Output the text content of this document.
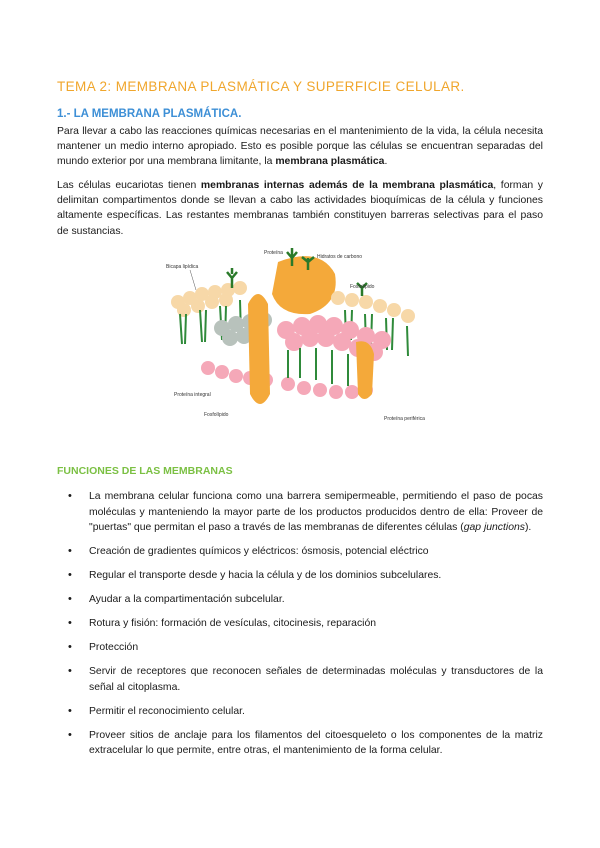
TEMA 2: MEMBRANA PLASMÁTICA Y SUPERFICIE CELULAR.
1.- LA MEMBRANA PLASMÁTICA.

Para llevar a cabo las reacciones químicas necesarias en el mantenimiento de la vida, la célula necesita mantener un medio interno apropiado. Esto es posible porque las células se encuentran separadas del mundo exterior por una membrana limitante, la membrana plasmática.

Las células eucariotas tienen membranas internas además de la membrana plasmática, forman y delimitan compartimentos donde se llevan a cabo las actividades bioquímicas de la célula y funciones altamente específicas. Las restantes membranas también constituyen barreras selectivas para el paso de sustancias.

Bicapa lipídica
Proteína
Hidratos de carbono
Fosfolípido
Proteína integral
Fosfolípido
Proteína periférica
FUNCIONES DE LAS MEMBRANAS
• La membrana celular funciona como una barrera semipermeable, permitiendo el paso de pocas moléculas y manteniendo la mayor parte de los productos producidos dentro de ella: Proveer de "puertas" que permitan el paso a través de las membranas de diferentes células (gap junctions).
• Creación de gradientes químicos y eléctricos: ósmosis, potencial eléctrico
• Regular el transporte desde y hacia la célula y de los dominios subcelulares.
• Ayudar a la compartimentación subcelular.
• Rotura y fisión: formación de vesículas, citocinesis, reparación
• Protección
• Servir de receptores que reconocen señales de determinadas moléculas y transductores de la señal al citoplasma.
• Permitir el reconocimiento celular.
• Proveer sitios de anclaje para los filamentos del citoesqueleto o los componentes de la matriz extracelular lo que permite, entre otras, el mantenimiento de la forma celular.
